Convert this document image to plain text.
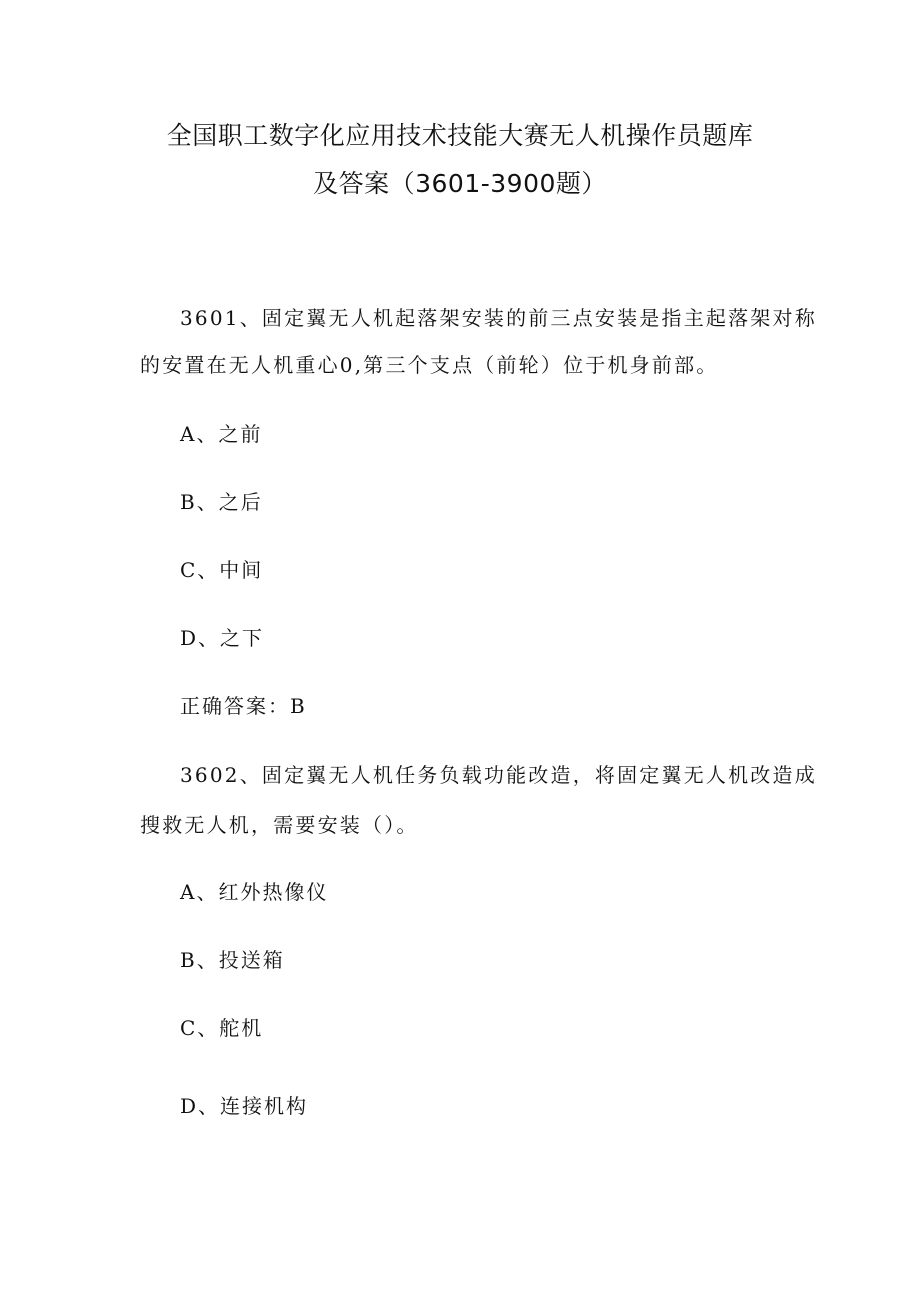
全国职工数字化应用技术技能大赛无人机操作员题库
及答案（3601-3900题）
3601、固定翼无人机起落架安装的前三点安装是指主起落架对称
的安置在无人机重心0,第三个支点（前轮）位于机身前部。
A、之前
B、之后
C、中间
D、之下
正确答案：B
3602、固定翼无人机任务负载功能改造，将固定翼无人机改造成
搜救无人机，需要安装（）。
A、红外热像仪
B、投送箱
C、舵机
D、连接机构
